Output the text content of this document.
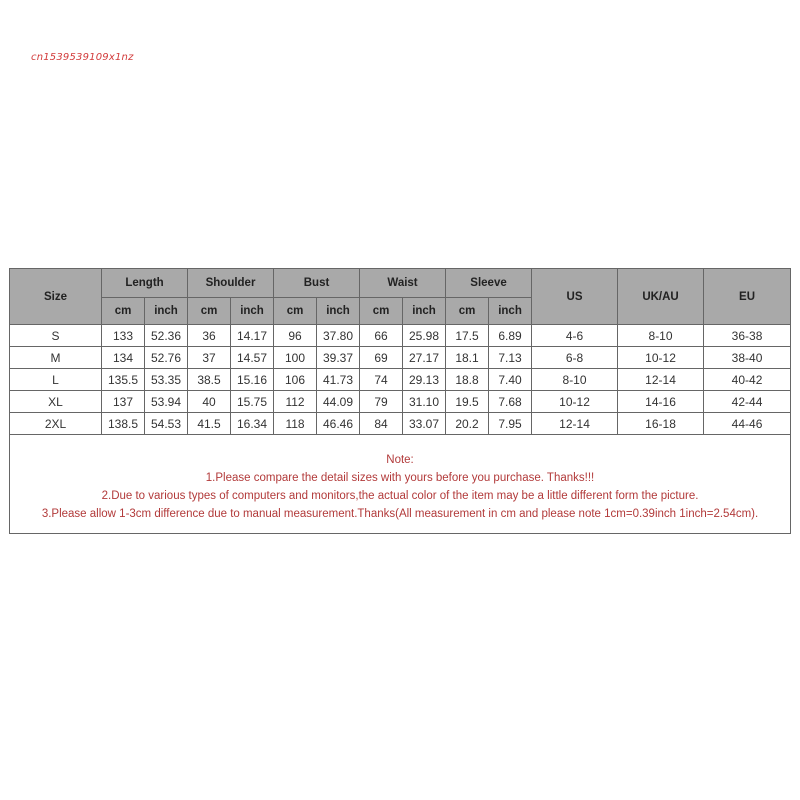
cn1539539109x1nz
Size	Length		Shoulder		Bust		Waist		Sleeve		US	UK/AU	EU
	cm	inch	cm	inch	cm	inch	cm	inch	cm	inch			
S	133	52.36	36	14.17	96	37.80	66	25.98	17.5	6.89	4-6	8-10	36-38
M	134	52.76	37	14.57	100	39.37	69	27.17	18.1	7.13	6-8	10-12	38-40
L	135.5	53.35	38.5	15.16	106	41.73	74	29.13	18.8	7.40	8-10	12-14	40-42
XL	137	53.94	40	15.75	112	44.09	79	31.10	19.5	7.68	10-12	14-16	42-44
2XL	138.5	54.53	41.5	16.34	118	46.46	84	33.07	20.2	7.95	12-14	16-18	44-46

Note:
1.Please compare the detail sizes with yours before you purchase. Thanks!!!
2.Due to various types of computers and monitors,the actual color of the item may be a little different form the picture.
3.Please allow 1-3cm difference due to manual measurement.Thanks(All measurement in cm and please note 1cm=0.39inch 1inch=2.54cm).													
